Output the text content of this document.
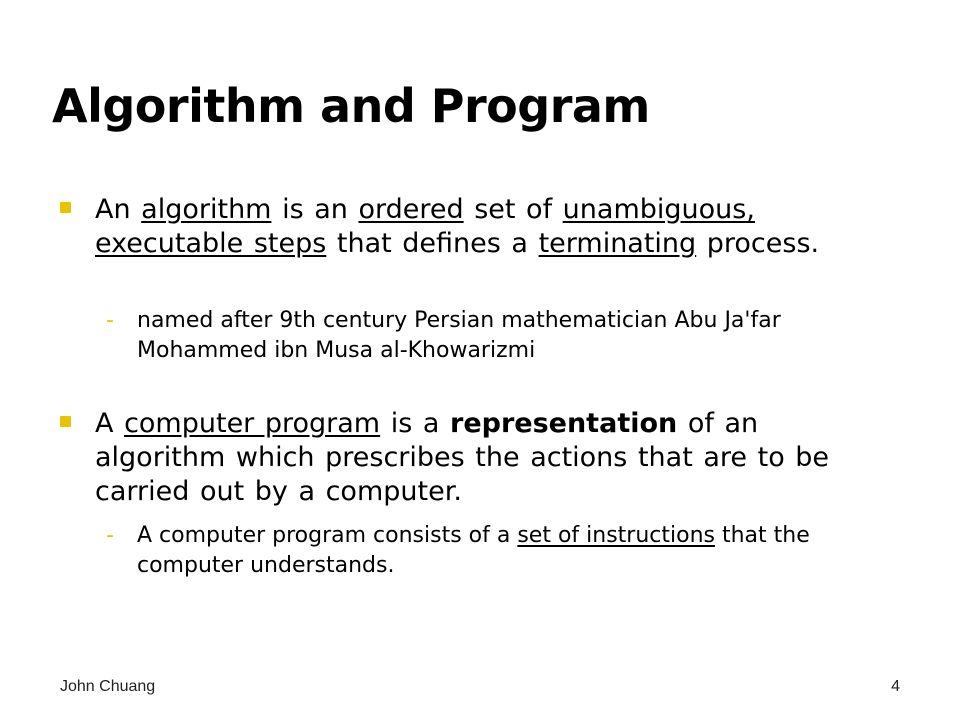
Algorithm and Program
An algorithm is an ordered set of unambiguous, executable steps that defines a terminating process.
- named after 9th century Persian mathematician Abu Ja'far Mohammed ibn Musa al-Khowarizmi
A computer program is a representation of an algorithm which prescribes the actions that are to be carried out by a computer.
- A computer program consists of a set of instructions that the computer understands.
John Chuang	4
